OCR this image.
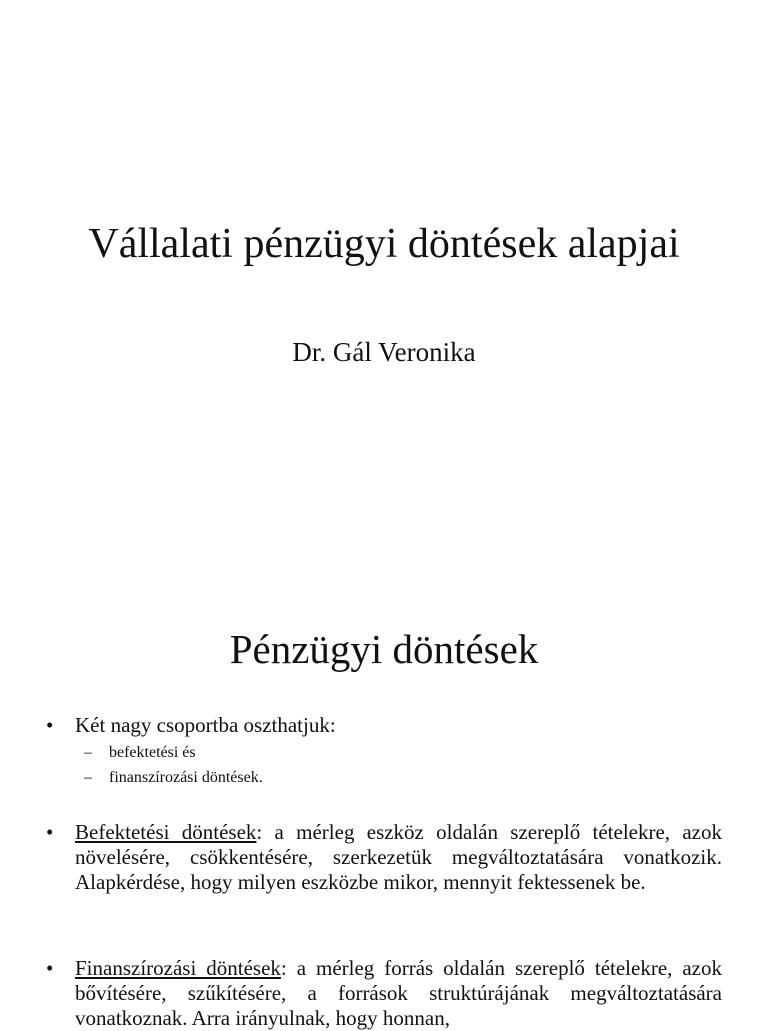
Vállalati pénzügyi döntések alapjai
Dr. Gál Veronika
Pénzügyi döntések
• Két nagy csoportba oszthatjuk:
– befektetési és
– finanszírozási döntések.
• Befektetési döntések: a mérleg eszköz oldalán szereplő tételekre, azok növelésére, csökkentésére, szerkezetük megváltoztatására vonatkozik. Alapkérdése, hogy milyen eszközbe mikor, mennyit fektessenek be.
• Finanszírozási döntések: a mérleg forrás oldalán szereplő tételekre, azok bővítésére, szűkítésére, a források struktúrájának megváltoztatására vonatkoznak. Arra irányulnak, hogy honnan,
